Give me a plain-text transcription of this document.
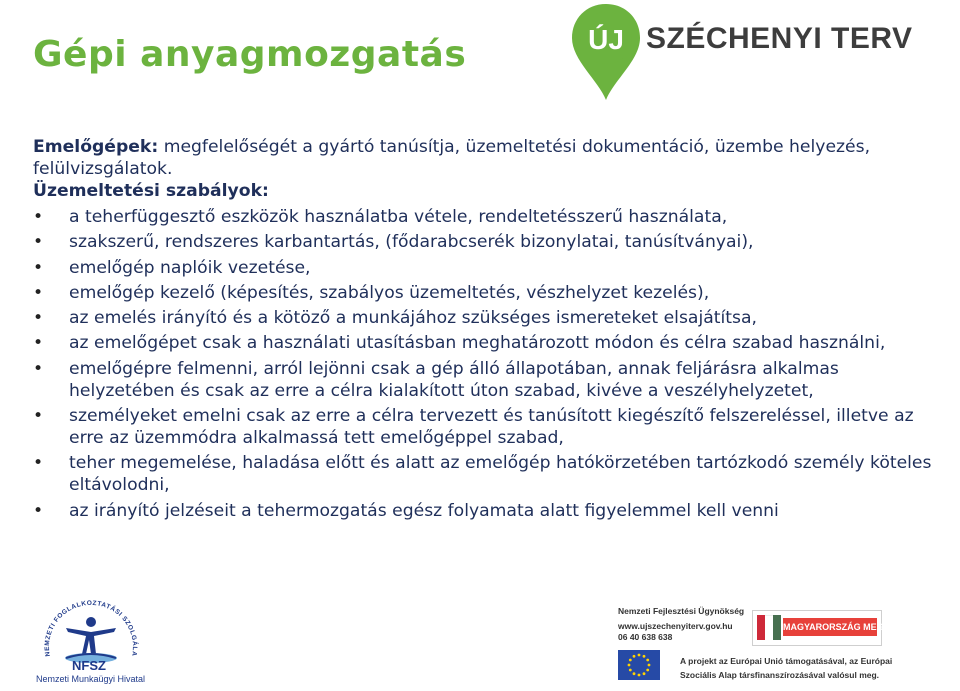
Gépi anyagmozgatás	ÚJ SZÉCHENYI TERV

Emelőgépek: megfelelőségét a gyártó tanúsítja, üzemeltetési dokumentáció, üzembe helyezés, felülvizsgálatok.

Üzemeltetési szabályok:

• a teherfüggesztő eszközök használatba vétele, rendeltetésszerű használata,
• szakszerű, rendszeres karbantartás, (fődarabcserék bizonylatai, tanúsítványai),
• emelőgép naplóik vezetése,
• emelőgép kezelő (képesítés, szabályos üzemeltetés, vészhelyzet kezelés),
• az emelés irányító és a kötöző a munkájához szükséges ismereteket elsajátítsa,
• az emelőgépet csak a használati utasításban meghatározott módon és célra szabad használni,
• emelőgépre felmenni, arról lejönni csak a gép álló állapotában, annak feljárásra alkalmas helyzetében és csak az erre a célra kialakított úton szabad, kivéve a veszélyhelyzetet,
• személyeket emelni csak az erre a célra tervezett és tanúsított kiegészítő felszereléssel, illetve az erre az üzemmódra alkalmassá tett emelőgéppel szabad,
• teher megemelése, haladása előtt és alatt az emelőgép hatókörzetében tartózkodó személy köteles eltávolodni,
• az irányító jelzéseit a tehermozgatás egész folyamata alatt figyelemmel kell venni
NEMZETI FOGLALKOZTATÁSI SZOLGÁLA
NFSZ
Nemzeti Munkaügyi Hivatal
Nemzeti Fejlesztési Ügynökség
www.ujszechenyiterv.gov.hu
06 40 638 638
MAGYARORSZÁG MEGÚJUL
A projekt az Európai Unió támogatásával, az Európai
Szociális Alap társfinanszírozásával valósul meg.
